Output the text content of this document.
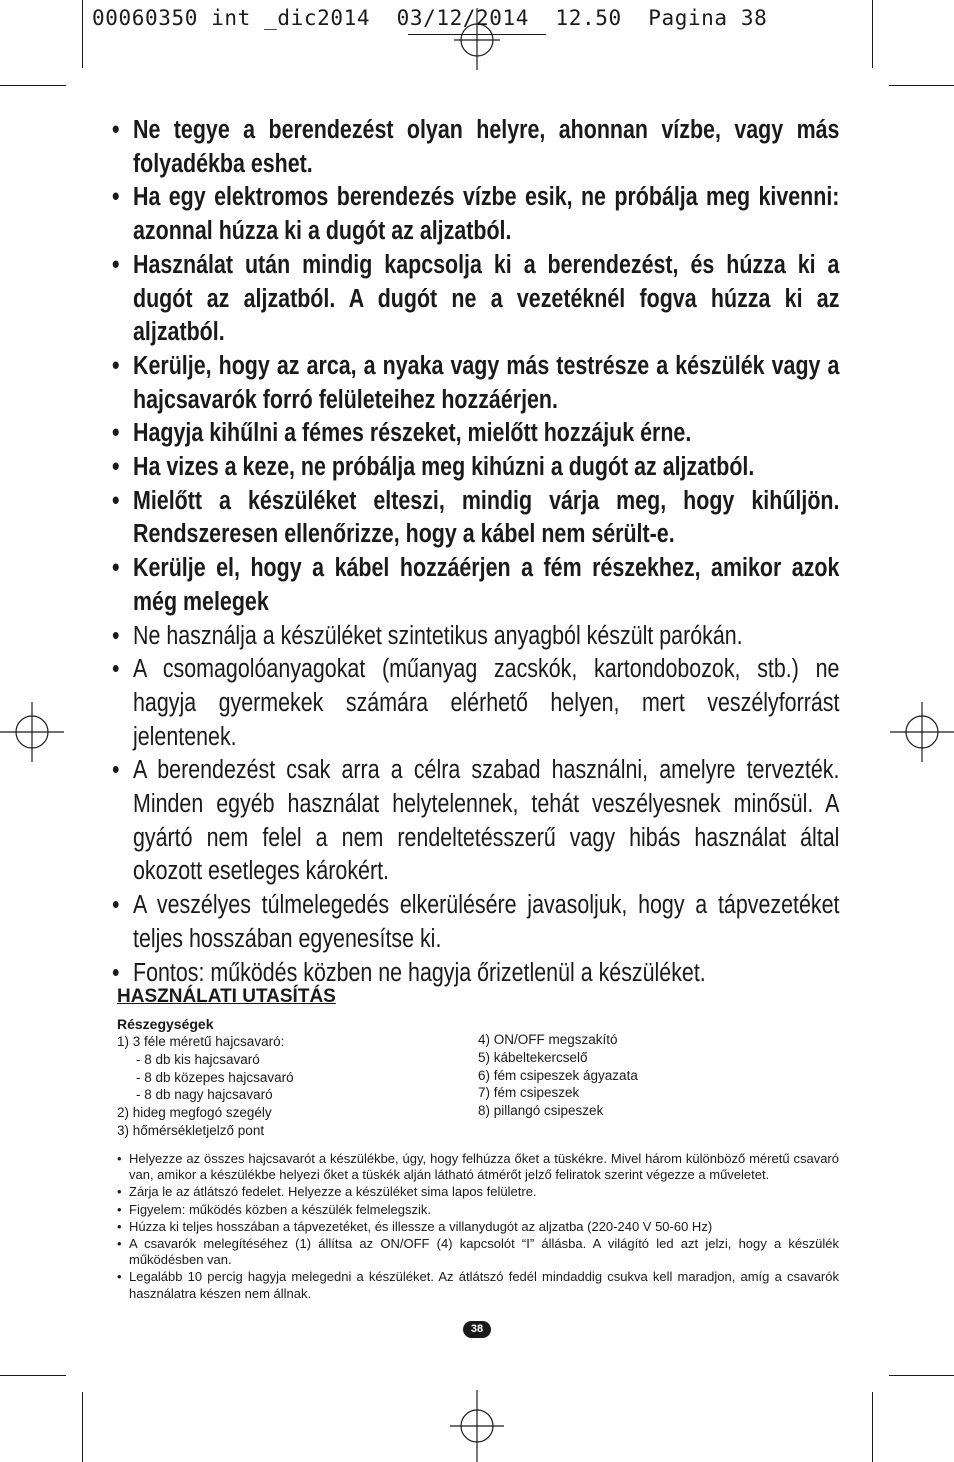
00060350 int _dic2014  03/12/2014  12.50  Pagina 38
• Ne tegye a berendezést olyan helyre, ahonnan vízbe, vagy más folyadékba eshet.
• Ha egy elektromos berendezés vízbe esik, ne próbálja meg kivenni: azonnal húzza ki a dugót az aljzatból.
• Használat után mindig kapcsolja ki a berendezést, és húzza ki a dugót az aljzatból. A dugót ne a vezetéknél fogva húzza ki az aljzatból.
• Kerülje, hogy az arca, a nyaka vagy más testrésze a készülék vagy a hajcsavarók forró felületeihez hozzáérjen.
• Hagyja kihűlni a fémes részeket, mielőtt hozzájuk érne.
• Ha vizes a keze, ne próbálja meg kihúzni a dugót az aljzatból.
• Mielőtt a készüléket elteszi, mindig várja meg, hogy kihűljön. Rendszeresen ellenőrizze, hogy a kábel nem sérült-e.
• Kerülje el, hogy a kábel hozzáérjen a fém részekhez, amikor azok még melegek
• Ne használja a készüléket szintetikus anyagból készült parókán.
• A csomagolóanyagokat (műanyag zacskók, kartondobozok, stb.) ne hagyja gyermekek számára elérhető helyen, mert veszélyforrást jelentenek.
• A berendezést csak arra a célra szabad használni, amelyre tervezték. Minden egyéb használat helytelennek, tehát veszélyesnek minősül. A gyártó nem felel a nem rendeltetésszerű vagy hibás használat által okozott esetleges károkért.
• A veszélyes túlmelegedés elkerülésére javasoljuk, hogy a tápvezetéket teljes hosszában egyenesítse ki.
• Fontos: működés közben ne hagyja őrizetlenül a készüléket.
HASZNÁLATI UTASÍTÁS
Részegységek
1) 3 féle méretű hajcsavaró:
- 8 db kis hajcsavaró
- 8 db közepes hajcsavaró
- 8 db nagy hajcsavaró
2) hideg megfogó szegély
3) hőmérsékletjelző pont
4) ON/OFF megszakító
5) kábeltekercselő
6) fém csipeszek ágyazata
7) fém csipeszek
8) pillangó csipeszek
• Helyezze az összes hajcsavarót a készülékbe, úgy, hogy felhúzza őket a tüskékre. Mivel három különböző méretű csavaró van, amikor a készülékbe helyezi őket a tüskék alján látható átmérőt jelző feliratok szerint végezze a műveletet.
• Zárja le az átlátszó fedelet. Helyezze a készüléket sima lapos felületre.
• Figyelem: működés közben a készülék felmelegszik.
• Húzza ki teljes hosszában a tápvezetéket, és illessze a villanydugót az aljzatba (220-240 V 50-60 Hz)
• A csavarók melegítéséhez (1) állítsa az ON/OFF (4) kapcsolót “I” állásba. A világító led azt jelzi, hogy a készülék működésben van.
• Legalább 10 percig hagyja melegedni a készüléket. Az átlátszó fedél mindaddig csukva kell maradjon, amíg a csavarók használatra készen nem állnak.
38
